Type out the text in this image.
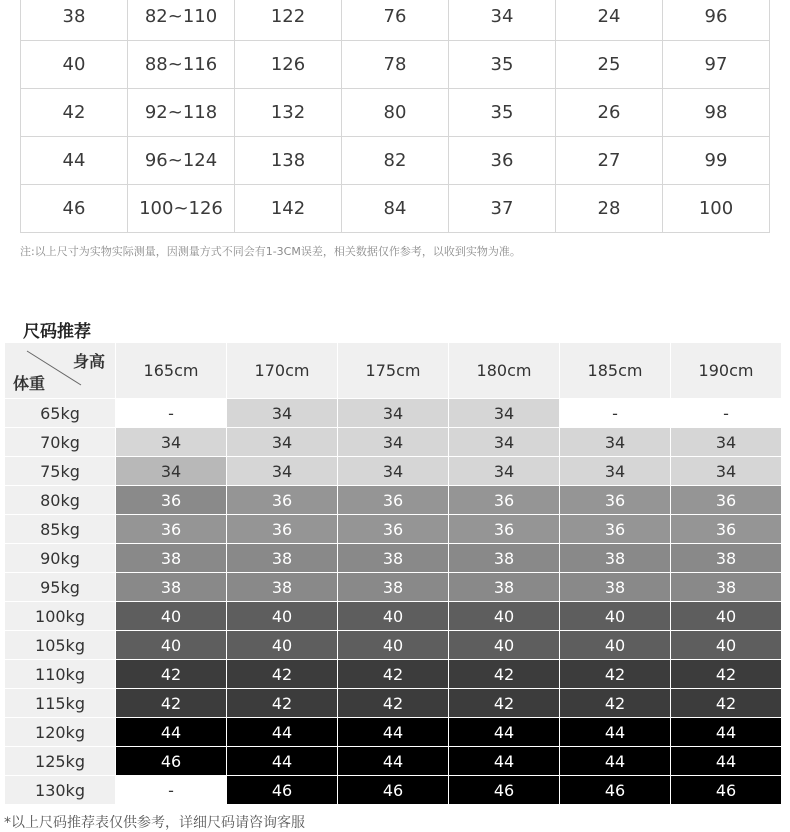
38	82~110	122	76	34	24	96
40	88~116	126	78	35	25	97
42	92~118	132	80	35	26	98
44	96~124	138	82	36	27	99
46	100~126	142	84	37	28	100
注:以上尺寸为实物实际测量，因测量方式不同会有1-3CM误差，相关数据仅作参考，以收到实物为准。
尺码推荐
身高
体重	165cm	170cm	175cm	180cm	185cm	190cm
65kg	-	34	34	34	-	-
70kg	34	34	34	34	34	34
75kg	34	34	34	34	34	34
80kg	36	36	36	36	36	36
85kg	36	36	36	36	36	36
90kg	38	38	38	38	38	38
95kg	38	38	38	38	38	38
100kg	40	40	40	40	40	40
105kg	40	40	40	40	40	40
110kg	42	42	42	42	42	42
115kg	42	42	42	42	42	42
120kg	44	44	44	44	44	44
125kg	46	44	44	44	44	44
130kg	-	46	46	46	46	46
*以上尺码推荐表仅供参考，详细尺码请咨询客服
